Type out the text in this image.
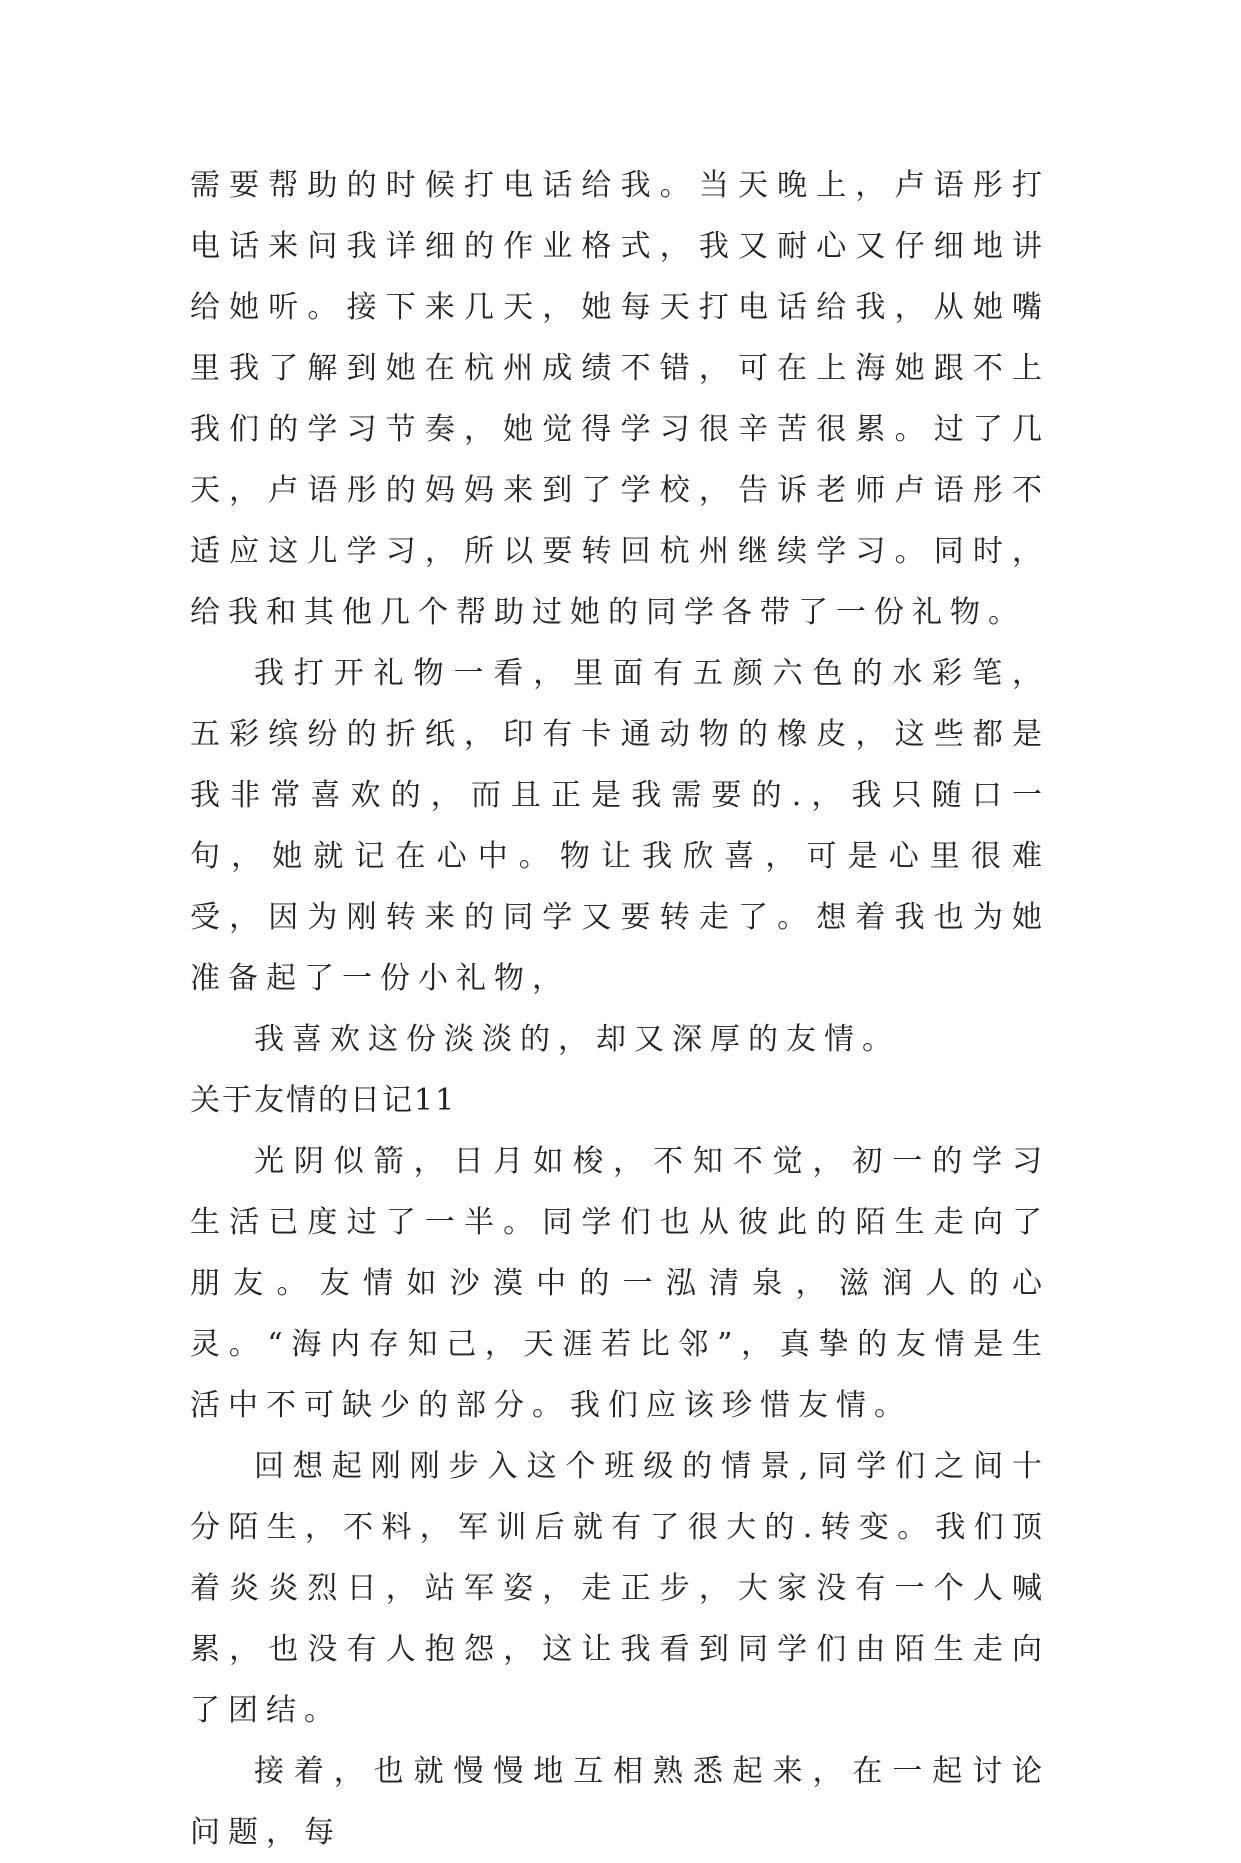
需要帮助的时候打电话给我。当天晚上，卢语彤打电话来问我详细的作业格式，我又耐心又仔细地讲给她听。接下来几天，她每天打电话给我，从她嘴里我了解到她在杭州成绩不错，可在上海她跟不上我们的学习节奏，她觉得学习很辛苦很累。过了几天，卢语彤的妈妈来到了学校，告诉老师卢语彤不适应这儿学习，所以要转回杭州继续学习。同时，给我和其他几个帮助过她的同学各带了一份礼物。

我打开礼物一看，里面有五颜六色的水彩笔，五彩缤纷的折纸，印有卡通动物的橡皮，这些都是我非常喜欢的，而且正是我需要的.，我只随口一句，她就记在心中。物让我欣喜，可是心里很难受，因为刚转来的同学又要转走了。想着我也为她准备起了一份小礼物，

我喜欢这份淡淡的，却又深厚的友情。

关于友情的日记11

光阴似箭，日月如梭，不知不觉，初一的学习生活已度过了一半。同学们也从彼此的陌生走向了朋友。友情如沙漠中的一泓清泉，滋润人的心灵。“海内存知己，天涯若比邻”，真挚的友情是生活中不可缺少的部分。我们应该珍惜友情。

回想起刚刚步入这个班级的情景,同学们之间十分陌生，不料，军训后就有了很大的.转变。我们顶着炎炎烈日，站军姿，走正步，大家没有一个人喊累，也没有人抱怨，这让我看到同学们由陌生走向了团结。

接着，也就慢慢地互相熟悉起来，在一起讨论问题，每
